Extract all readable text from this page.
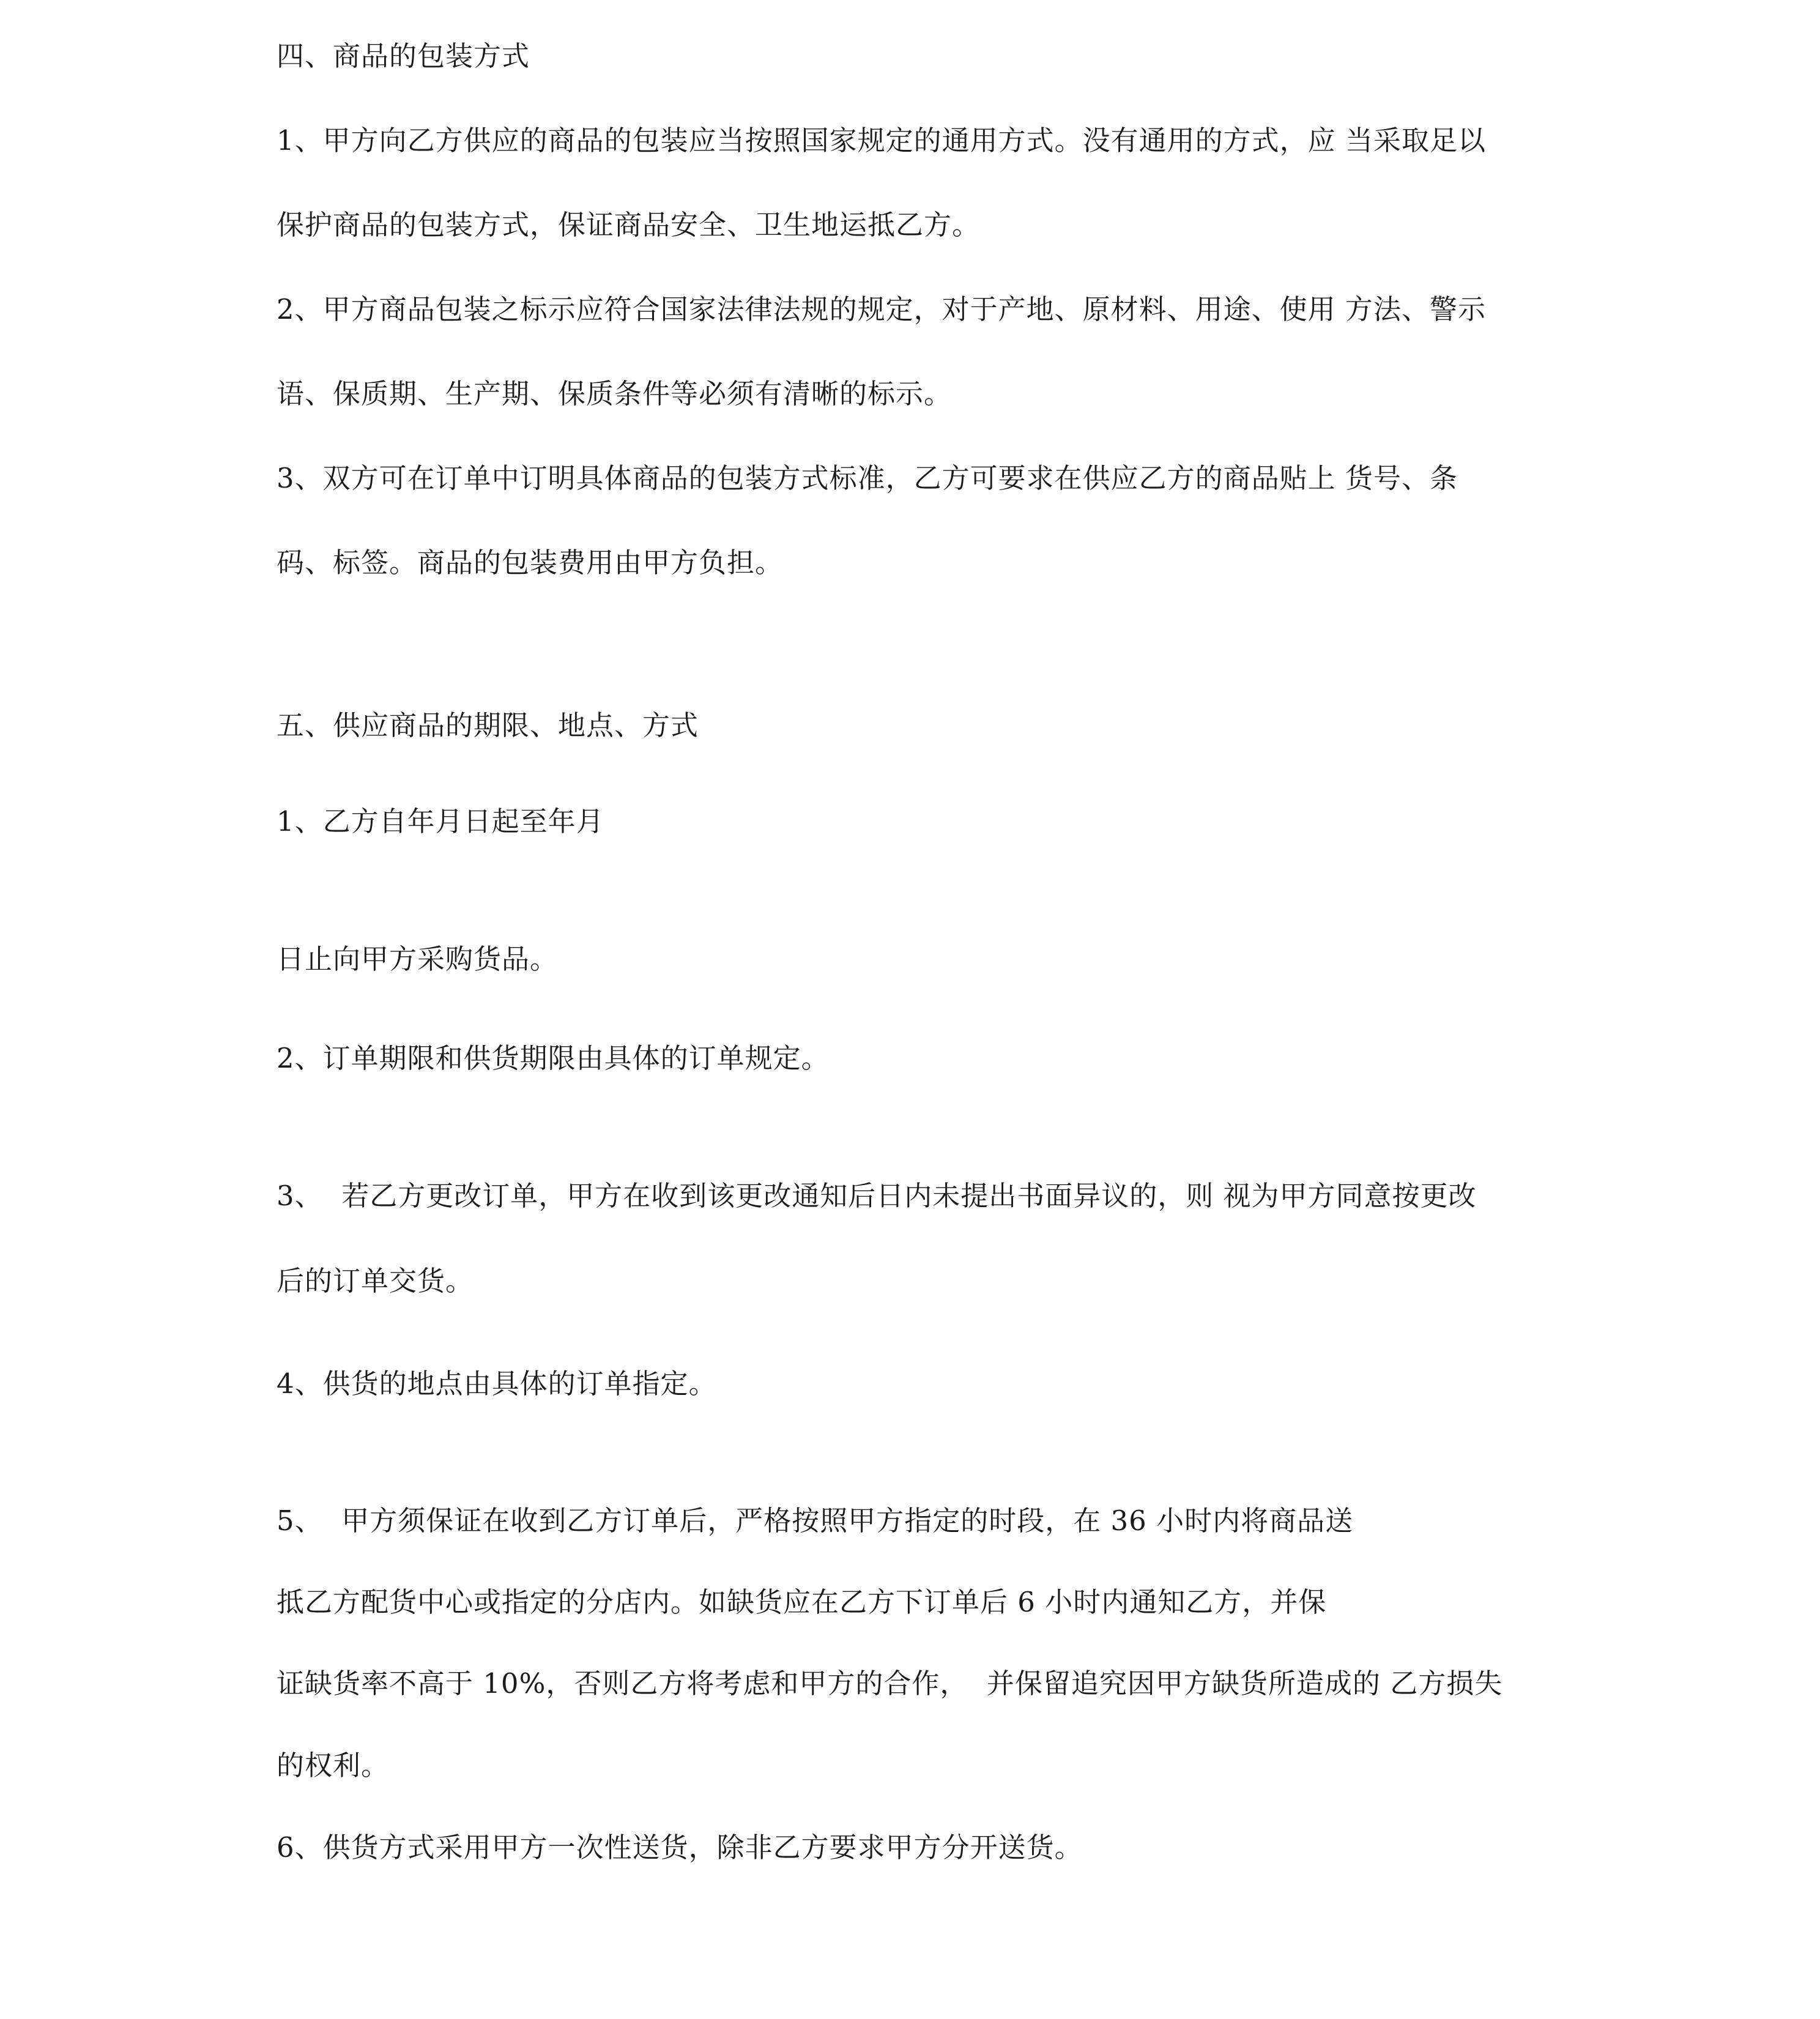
四、商品的包装方式
1、甲方向乙方供应的商品的包装应当按照国家规定的通用方式。没有通用的方式，应 当采取足以
保护商品的包装方式，保证商品安全、卫生地运抵乙方。
2、甲方商品包装之标示应符合国家法律法规的规定，对于产地、原材料、用途、使用 方法、警示
语、保质期、生产期、保质条件等必须有清晰的标示。
3、双方可在订单中订明具体商品的包装方式标准，乙方可要求在供应乙方的商品贴上 货号、条
码、标签。商品的包装费用由甲方负担。
五、供应商品的期限、地点、方式
1、乙方自年月日起至年月
日止向甲方采购货品。
2、订单期限和供货期限由具体的订单规定。
3、  若乙方更改订单，甲方在收到该更改通知后日内未提出书面异议的，则 视为甲方同意按更改
后的订单交货。
4、供货的地点由具体的订单指定。
5、  甲方须保证在收到乙方订单后，严格按照甲方指定的时段，在 36 小时内将商品送
抵乙方配货中心或指定的分店内。如缺货应在乙方下订单后 6 小时内通知乙方，并保
证缺货率不高于 10%，否则乙方将考虑和甲方的合作，  并保留追究因甲方缺货所造成的 乙方损失
的权利。
6、供货方式采用甲方一次性送货，除非乙方要求甲方分开送货。
